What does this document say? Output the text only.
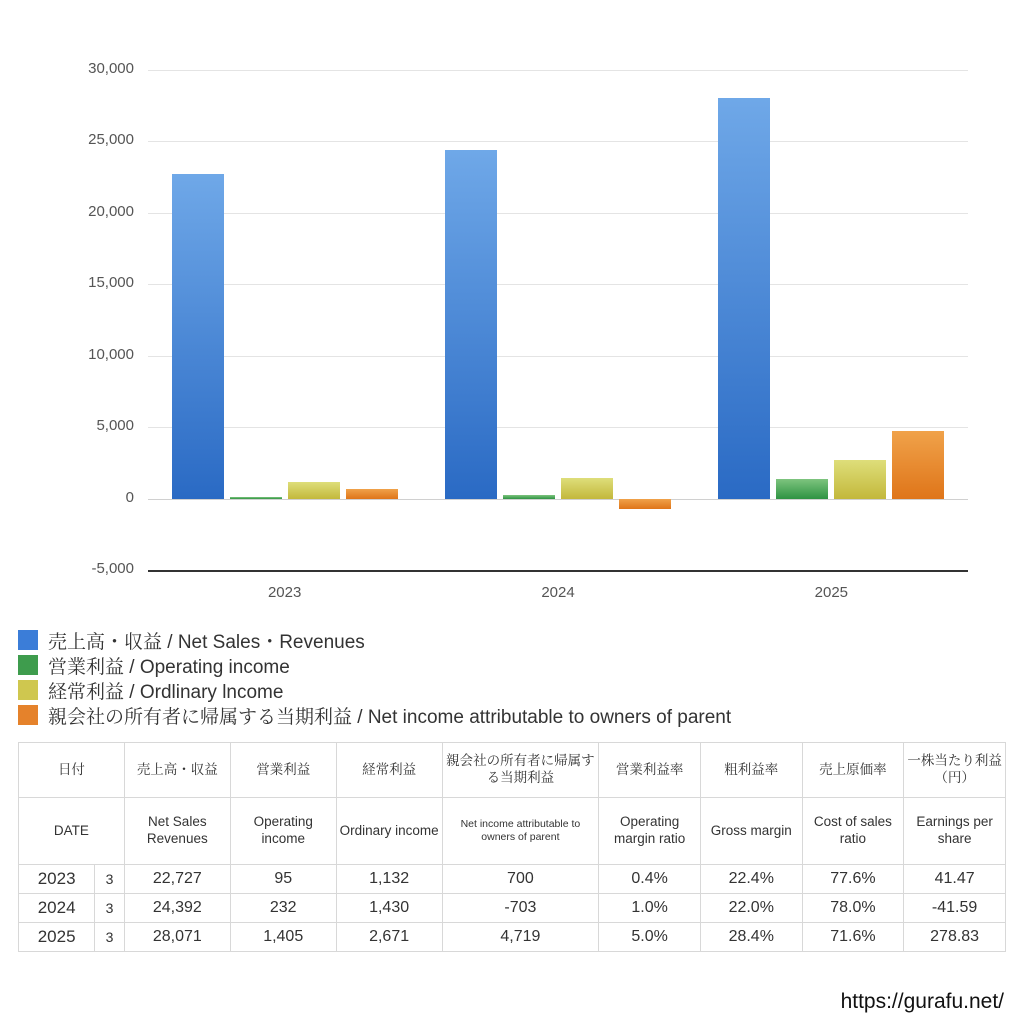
30,000
25,000
20,000
15,000
10,000
5,000
0
-5,000
2023	2024	2025
売上高・収益 / Net Sales・Revenues
営業利益 / Operating income
経常利益 / Ordlinary lncome
親会社の所有者に帰属する当期利益 / Net income attributable to owners of parent
日付		売上高・収益	営業利益	経常利益	親会社の所有者に帰属する当期利益	営業利益率	粗利益率	売上原価率	一株当たり利益（円）
DATE		Net Sales Revenues	Operating income	Ordinary income	Net income attributable to owners of parent	Operating margin ratio	Gross margin	Cost of sales ratio	Earnings per share
2023	3	22,727	95	1,132	700	0.4%	22.4%	77.6%	41.47
2024	3	24,392	232	1,430	-703	1.0%	22.0%	78.0%	-41.59
2025	3	28,071	1,405	2,671	4,719	5.0%	28.4%	71.6%	278.83
https://gurafu.net/
